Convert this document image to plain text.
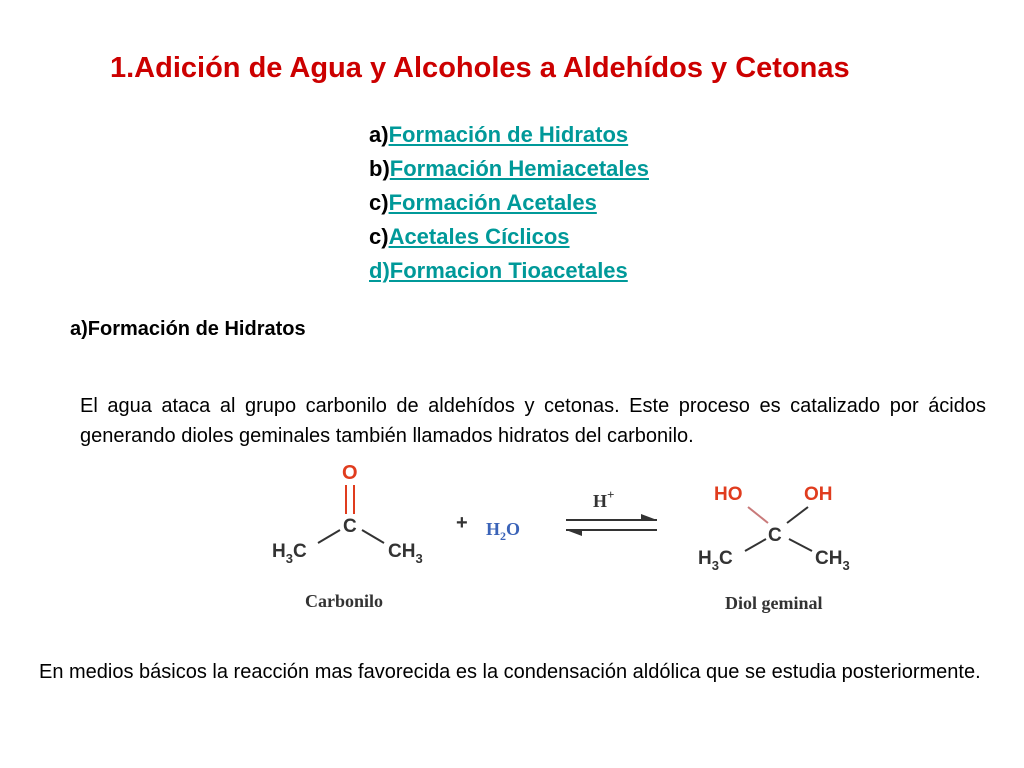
1.Adición de Agua y Alcoholes a Aldehídos y Cetonas
a)Formación de Hidratos
b)Formación Hemiacetales
c)Formación Acetales
c)Acetales Cíclicos
d)Formacion Tioacetales
a)Formación de Hidratos
El agua ataca al grupo carbonilo de aldehídos y cetonas. Este proceso es catalizado por ácidos generando dioles geminales también llamados hidratos del carbonilo.
O
C
$H_3C$	$CH_3$
Carbonilo
+ $H_2O$
H+	HO	OH
C
$H_3C$	$CH_3$
Diol geminal
En medios básicos la reacción mas favorecida es la condensación aldólica que se estudia posteriormente.
